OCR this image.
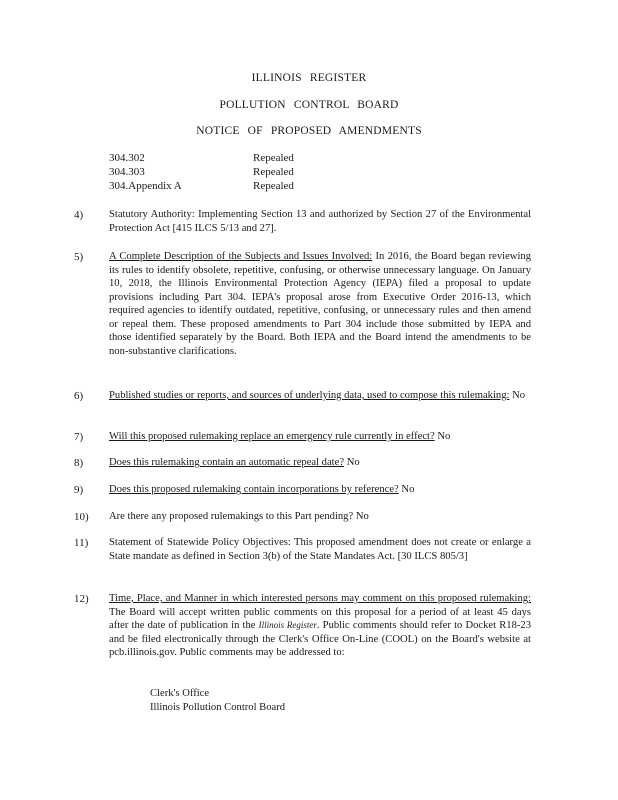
ILLINOIS REGISTER
POLLUTION CONTROL BOARD
NOTICE OF PROPOSED AMENDMENTS
304.302	Repealed
304.303	Repealed
304.Appendix A	Repealed
4) Statutory Authority: Implementing Section 13 and authorized by Section 27 of the Environmental Protection Act [415 ILCS 5/13 and 27].
5) A Complete Description of the Subjects and Issues Involved: In 2016, the Board began reviewing its rules to identify obsolete, repetitive, confusing, or otherwise unnecessary language. On January 10, 2018, the Illinois Environmental Protection Agency (IEPA) filed a proposal to update provisions including Part 304. IEPA's proposal arose from Executive Order 2016-13, which required agencies to identify outdated, repetitive, confusing, or unnecessary rules and then amend or repeal them. These proposed amendments to Part 304 include those submitted by IEPA and those identified separately by the Board. Both IEPA and the Board intend the amendments to be non-substantive clarifications.
6) Published studies or reports, and sources of underlying data, used to compose this rulemaking: No
7) Will this proposed rulemaking replace an emergency rule currently in effect? No
8) Does this rulemaking contain an automatic repeal date? No
9) Does this proposed rulemaking contain incorporations by reference? No
10) Are there any proposed rulemakings to this Part pending? No
11) Statement of Statewide Policy Objectives: This proposed amendment does not create or enlarge a State mandate as defined in Section 3(b) of the State Mandates Act. [30 ILCS 805/3]
12) Time, Place, and Manner in which interested persons may comment on this proposed rulemaking: The Board will accept written public comments on this proposal for a period of at least 45 days after the date of publication in the Illinois Register. Public comments should refer to Docket R18-23 and be filed electronically through the Clerk's Office On-Line (COOL) on the Board's website at pcb.illinois.gov. Public comments may be addressed to:
Clerk's Office
Illinois Pollution Control Board
